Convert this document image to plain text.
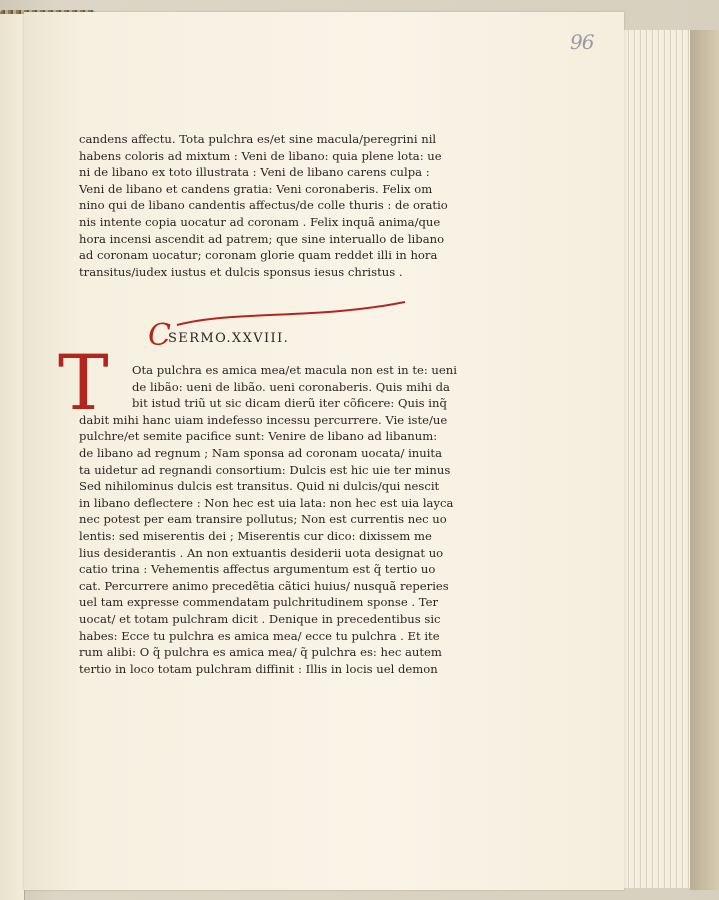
96
candens affectu. Tota pulchra es/et sine macula/peregrini nil
habens coloris ad mixtum : Veni de libano: quia plene lota: ue
ni de libano ex toto illustrata : Veni de libano carens culpa :
Veni de libano et candens gratia: Veni coronaberis. Felix om
nino qui de libano candentis affectus/de colle thuris : de oratio
nis intente copia uocatur ad coronam . Felix inquã anima/que
hora incensi ascendit ad patrem; que sine interuallo de libano
ad coronam uocatur; coronam glorie quam reddet illi in hora
transitus/iudex iustus et dulcis sponsus iesus christus .
C
SERMO.XXVIII.
T	Ota pulchra es amica mea/et macula non est in te: ueni
de libão: ueni de libão. ueni coronaberis. Quis mihi da
bit istud triũ ut sic dicam dierũ iter cõficere: Quis inq̃
dabit mihi hanc uiam indefesso incessu percurrere. Vie iste/ue
pulchre/et semite pacifice sunt: Venire de libano ad libanum:
de libano ad regnum ; Nam sponsa ad coronam uocata/ inuita
ta uidetur ad regnandi consortium: Dulcis est hic uie ter minus
Sed nihilominus dulcis est transitus. Quid ni dulcis/qui nescit
in libano deflectere : Non hec est uia lata: non hec est uia layca
nec potest per eam transire pollutus; Non est currentis nec uo
lentis: sed miserentis dei ; Miserentis cur dico: dixissem me
lius desiderantis . An non extuantis desiderii uota designat uo
catio trina : Vehementis affectus argumentum est q̃ tertio uo
cat. Percurrere animo precedẽtia cãtici huius/ nusquã reperies
uel tam expresse commendatam pulchritudinem sponse . Ter
uocat/ et totam pulchram dicit . Denique in precedentibus sic
habes: Ecce tu pulchra es amica mea/ ecce tu pulchra . Et ite
rum alibi: O q̃ pulchra es amica mea/ q̃ pulchra es: hec autem
tertio in loco totam pulchram diffinit : Illis in locis uel demon
